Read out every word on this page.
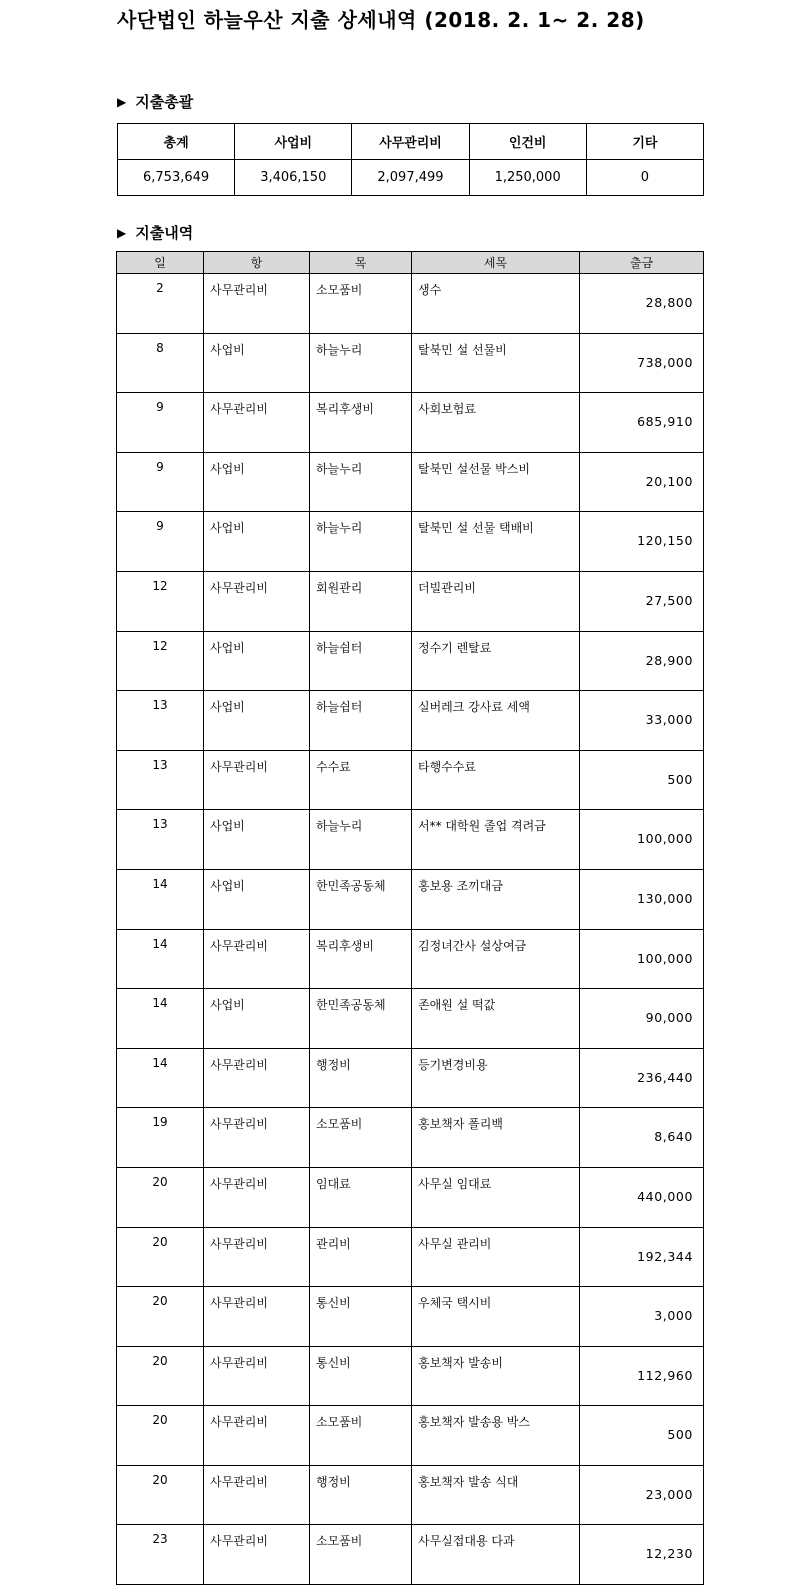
사단법인 하늘우산 지출 상세내역 (2018. 2. 1~ 2. 28)
▶ 지출총괄
총계	사업비	사무관리비	인건비	기타
6,753,649	3,406,150	2,097,499	1,250,000	0
▶ 지출내역
일	항	목	세목	출금
2	사무관리비	소모품비	생수	28,800
8	사업비	하늘누리	탈북민 설 선물비	738,000
9	사무관리비	복리후생비	사회보험료	685,910
9	사업비	하늘누리	탈북민 설선물 박스비	20,100
9	사업비	하늘누리	탈북민 설 선물 택배비	120,150
12	사무관리비	회원관리	더빌관리비	27,500
12	사업비	하늘쉼터	정수기 렌탈료	28,900
13	사업비	하늘쉼터	실버레크 강사료 세액	33,000
13	사무관리비	수수료	타행수수료	500
13	사업비	하늘누리	서** 대학원 졸업 격려금	100,000
14	사업비	한민족공동체	홍보용 조끼대금	130,000
14	사무관리비	복리후생비	김정녀간사 설상여금	100,000
14	사업비	한민족공동체	존애원 설 떡값	90,000
14	사무관리비	행정비	등기변경비용	236,440
19	사무관리비	소모품비	홍보책자 폴리백	8,640
20	사무관리비	임대료	사무실 임대료	440,000
20	사무관리비	관리비	사무실 관리비	192,344
20	사무관리비	통신비	우체국 택시비	3,000
20	사무관리비	통신비	홍보책자 발송비	112,960
20	사무관리비	소모품비	홍보책자 발송용 박스	500
20	사무관리비	행정비	홍보책자 발송 식대	23,000
23	사무관리비	소모품비	사무실접대용 다과	12,230
